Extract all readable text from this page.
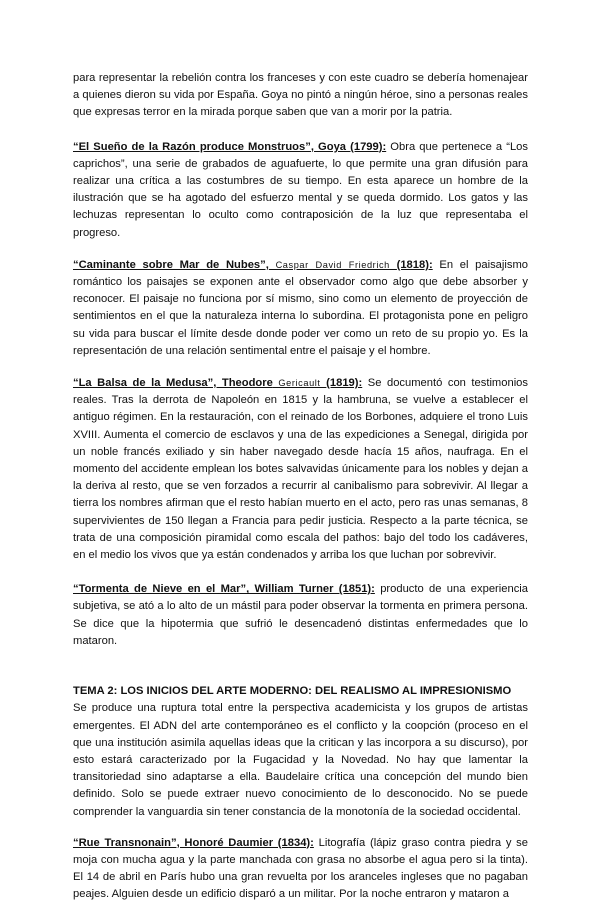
para representar la rebelión contra los franceses y con este cuadro se debería homenajear a quienes dieron su vida por España. Goya no pintó a ningún héroe, sino a personas reales que expresas terror en la mirada porque saben que van a morir por la patria.

“El Sueño de la Razón produce Monstruos”, Goya (1799): Obra que pertenece a “Los caprichos”, una serie de grabados de aguafuerte, lo que permite una gran difusión para realizar una crítica a las costumbres de su tiempo. En esta aparece un hombre de la ilustración que se ha agotado del esfuerzo mental y se queda dormido. Los gatos y las lechuzas representan lo oculto como contraposición de la luz que representaba el progreso.

“Caminante sobre Mar de Nubes”, Caspar David Friedrich (1818): En el paisajismo romántico los paisajes se exponen ante el observador como algo que debe absorber y reconocer. El paisaje no funciona por sí mismo, sino como un elemento de proyección de sentimientos en el que la naturaleza interna lo subordina. El protagonista pone en peligro su vida para buscar el límite desde donde poder ver como un reto de su propio yo. Es la representación de una relación sentimental entre el paisaje y el hombre.

“La Balsa de la Medusa”, Theodore Gericault (1819): Se documentó con testimonios reales. Tras la derrota de Napoleón en 1815 y la hambruna, se vuelve a establecer el antiguo régimen. En la restauración, con el reinado de los Borbones, adquiere el trono Luis XVIII. Aumenta el comercio de esclavos y una de las expediciones a Senegal, dirigida por un noble francés exiliado y sin haber navegado desde hacía 15 años, naufraga. En el momento del accidente emplean los botes salvavidas únicamente para los nobles y dejan a la deriva al resto, que se ven forzados a recurrir al canibalismo para sobrevivir. Al llegar a tierra los nombres afirman que el resto habían muerto en el acto, pero ras unas semanas, 8 supervivientes de 150 llegan a Francia para pedir justicia. Respecto a la parte técnica, se trata de una composición piramidal como escala del pathos: bajo del todo los cadáveres, en el medio los vivos que ya están condenados y arriba los que luchan por sobrevivir.

“Tormenta de Nieve en el Mar”, William Turner (1851): producto de una experiencia subjetiva, se ató a lo alto de un mástil para poder observar la tormenta en primera persona. Se dice que la hipotermia que sufrió le desencadenó distintas enfermedades que lo mataron.

TEMA 2: LOS INICIOS DEL ARTE MODERNO: DEL REALISMO AL IMPRESIONISMO

Se produce una ruptura total entre la perspectiva academicista y los grupos de artistas emergentes. El ADN del arte contemporáneo es el conflicto y la coopción (proceso en el que una institución asimila aquellas ideas que la critican y las incorpora a su discurso), por esto estará caracterizado por la Fugacidad y la Novedad. No hay que lamentar la transitoriedad sino adaptarse a ella. Baudelaire crítica una concepción del mundo bien definido. Solo se puede extraer nuevo conocimiento de lo desconocido. No se puede comprender la vanguardia sin tener constancia de la monotonía de la sociedad occidental.

“Rue Transnonain”, Honoré Daumier (1834): Litografía (lápiz graso contra piedra y se moja con mucha agua y la parte manchada con grasa no absorbe el agua pero si la tinta). El 14 de abril en París hubo una gran revuelta por los aranceles ingleses que no pagaban peajes. Alguien desde un edificio disparó a un militar. Por la noche entraron y mataron a
